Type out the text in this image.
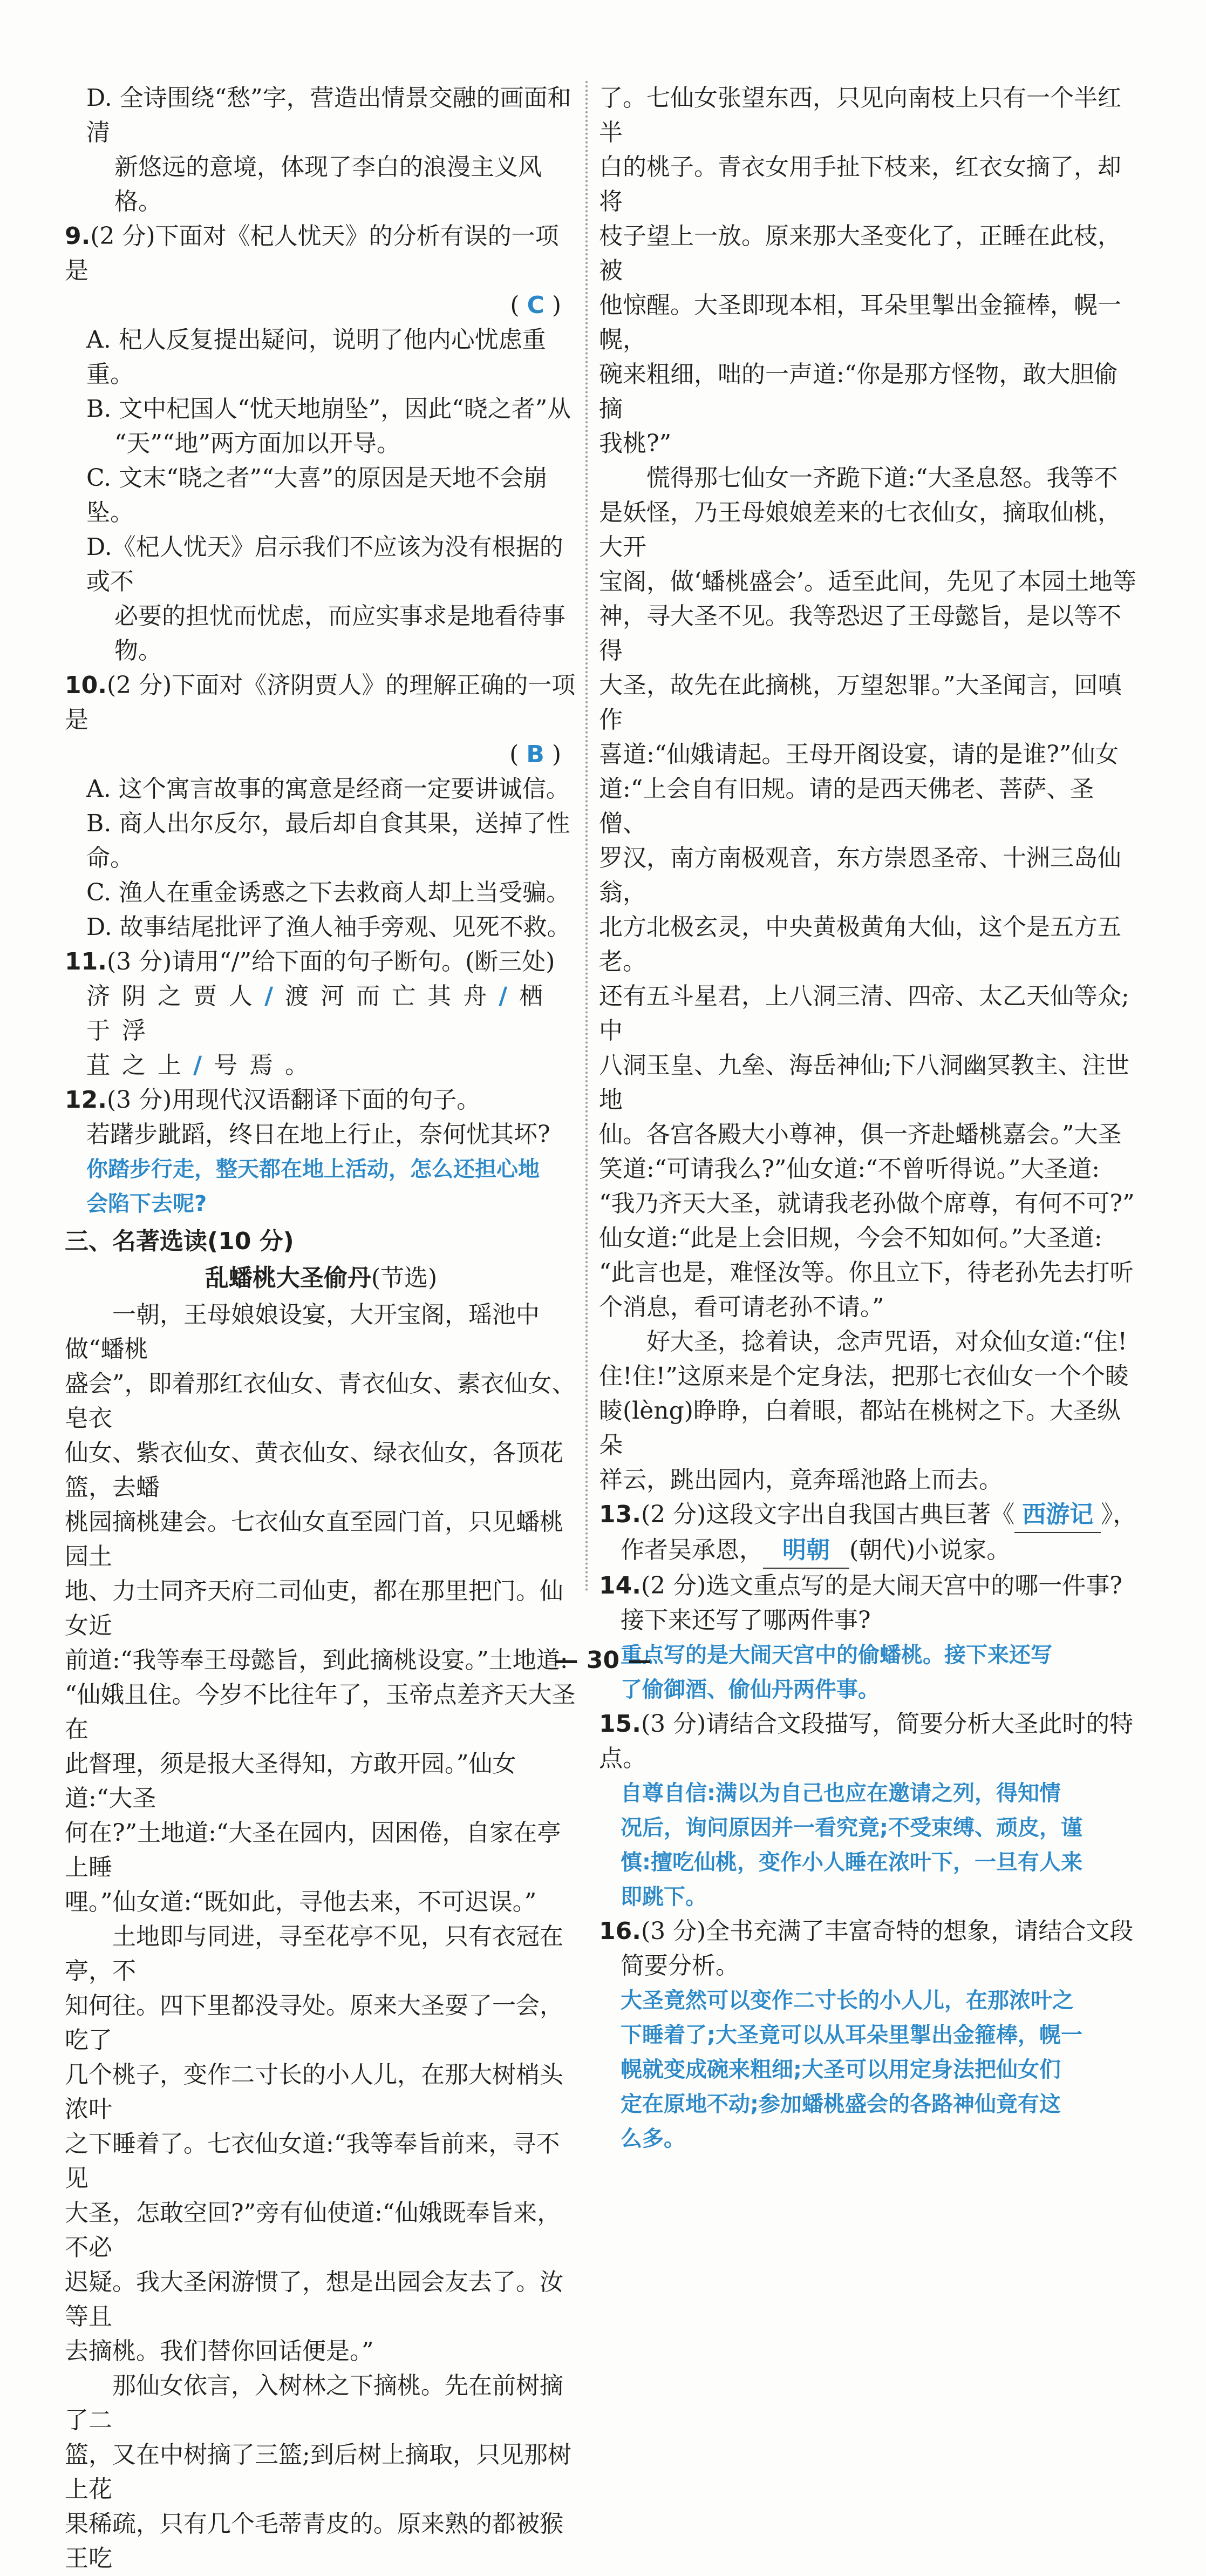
D. 全诗围绕“愁”字，营造出情景交融的画面和清

新悠远的意境，体现了李白的浪漫主义风格。

9.(2 分)下面对《杞人忧天》的分析有误的一项是

( C )

A. 杞人反复提出疑问，说明了他内心忧虑重重。

B. 文中杞国人“忧天地崩坠”，因此“晓之者”从

“天”“地”两方面加以开导。

C. 文末“晓之者”“大喜”的原因是天地不会崩坠。

D.《杞人忧天》启示我们不应该为没有根据的或不

必要的担忧而忧虑，而应实事求是地看待事物。

10.(2 分)下面对《济阴贾人》的理解正确的一项是

( B )

A. 这个寓言故事的寓意是经商一定要讲诚信。

B. 商人出尔反尔，最后却自食其果，送掉了性命。

C. 渔人在重金诱惑之下去救商人却上当受骗。

D. 故事结尾批评了渔人袖手旁观、见死不救。

11.(3 分)请用“/”给下面的句子断句。(断三处)

济阴之贾人/渡河而亡其舟/栖于浮

苴之上/号焉。

12.(3 分)用现代汉语翻译下面的句子。

若躇步跐蹈，终日在地上行止，奈何忧其坏?

你踏步行走，整天都在地上活动，怎么还担心地

会陷下去呢?

三、名著选读(10 分)

乱蟠桃大圣偷丹(节选)

一朝，王母娘娘设宴，大开宝阁，瑶池中做“蟠桃

盛会”，即着那红衣仙女、青衣仙女、素衣仙女、皂衣

仙女、紫衣仙女、黄衣仙女、绿衣仙女，各顶花篮，去蟠

桃园摘桃建会。七衣仙女直至园门首，只见蟠桃园土

地、力士同齐天府二司仙吏，都在那里把门。仙女近

前道:“我等奉王母懿旨，到此摘桃设宴。”土地道:

“仙娥且住。今岁不比往年了，玉帝点差齐天大圣在

此督理，须是报大圣得知，方敢开园。”仙女道:“大圣

何在?”土地道:“大圣在园内，因困倦，自家在亭上睡

哩。”仙女道:“既如此，寻他去来，不可迟误。”

土地即与同进，寻至花亭不见，只有衣冠在亭，不

知何往。四下里都没寻处。原来大圣耍了一会，吃了

几个桃子，变作二寸长的小人儿，在那大树梢头浓叶

之下睡着了。七衣仙女道:“我等奉旨前来，寻不见

大圣，怎敢空回?”旁有仙使道:“仙娥既奉旨来，不必

迟疑。我大圣闲游惯了，想是出园会友去了。汝等且

去摘桃。我们替你回话便是。”

那仙女依言，入树林之下摘桃。先在前树摘了二

篮，又在中树摘了三篮;到后树上摘取，只见那树上花

果稀疏，只有几个毛蒂青皮的。原来熟的都被猴王吃

了。七仙女张望东西，只见向南枝上只有一个半红半

白的桃子。青衣女用手扯下枝来，红衣女摘了，却将

枝子望上一放。原来那大圣变化了，正睡在此枝，被

他惊醒。大圣即现本相，耳朵里掣出金箍棒，幌一幌，

碗来粗细，咄的一声道:“你是那方怪物，敢大胆偷摘

我桃?”

慌得那七仙女一齐跪下道:“大圣息怒。我等不

是妖怪，乃王母娘娘差来的七衣仙女，摘取仙桃，大开

宝阁，做‘蟠桃盛会’。适至此间，先见了本园土地等

神，寻大圣不见。我等恐迟了王母懿旨，是以等不得

大圣，故先在此摘桃，万望恕罪。”大圣闻言，回嗔作

喜道:“仙娥请起。王母开阁设宴，请的是谁?”仙女

道:“上会自有旧规。请的是西天佛老、菩萨、圣僧、

罗汉，南方南极观音，东方崇恩圣帝、十洲三岛仙翁，

北方北极玄灵，中央黄极黄角大仙，这个是五方五老。

还有五斗星君，上八洞三清、四帝、太乙天仙等众;中

八洞玉皇、九垒、海岳神仙;下八洞幽冥教主、注世地

仙。各宫各殿大小尊神，俱一齐赴蟠桃嘉会。”大圣

笑道:“可请我么?”仙女道:“不曾听得说。”大圣道:

“我乃齐天大圣，就请我老孙做个席尊，有何不可?”

仙女道:“此是上会旧规，今会不知如何。”大圣道:

“此言也是，难怪汝等。你且立下，待老孙先去打听

个消息，看可请老孙不请。”

好大圣，捻着诀，念声咒语，对众仙女道:“住!

住!住!”这原来是个定身法，把那七衣仙女一个个睖

睖(lèng)睁睁，白着眼，都站在桃树之下。大圣纵朵

祥云，跳出园内，竟奔瑶池路上而去。

13.(2 分)这段文字出自我国古典巨著《 西游记 》，

作者吴承恩， 明朝 (朝代)小说家。

14.(2 分)选文重点写的是大闹天宫中的哪一件事?

接下来还写了哪两件事?

重点写的是大闹天宫中的偷蟠桃。接下来还写

了偷御酒、偷仙丹两件事。

15.(3 分)请结合文段描写，简要分析大圣此时的特点。

自尊自信:满以为自己也应在邀请之列，得知情

况后，询问原因并一看究竟;不受束缚、顽皮，谨

慎:擅吃仙桃，变作小人睡在浓叶下，一旦有人来

即跳下。

16.(3 分)全书充满了丰富奇特的想象，请结合文段

简要分析。

大圣竟然可以变作二寸长的小人儿，在那浓叶之

下睡着了;大圣竟可以从耳朵里掣出金箍棒，幌一

幌就变成碗来粗细;大圣可以用定身法把仙女们

定在原地不动;参加蟠桃盛会的各路神仙竟有这

么多。

— 30 —
